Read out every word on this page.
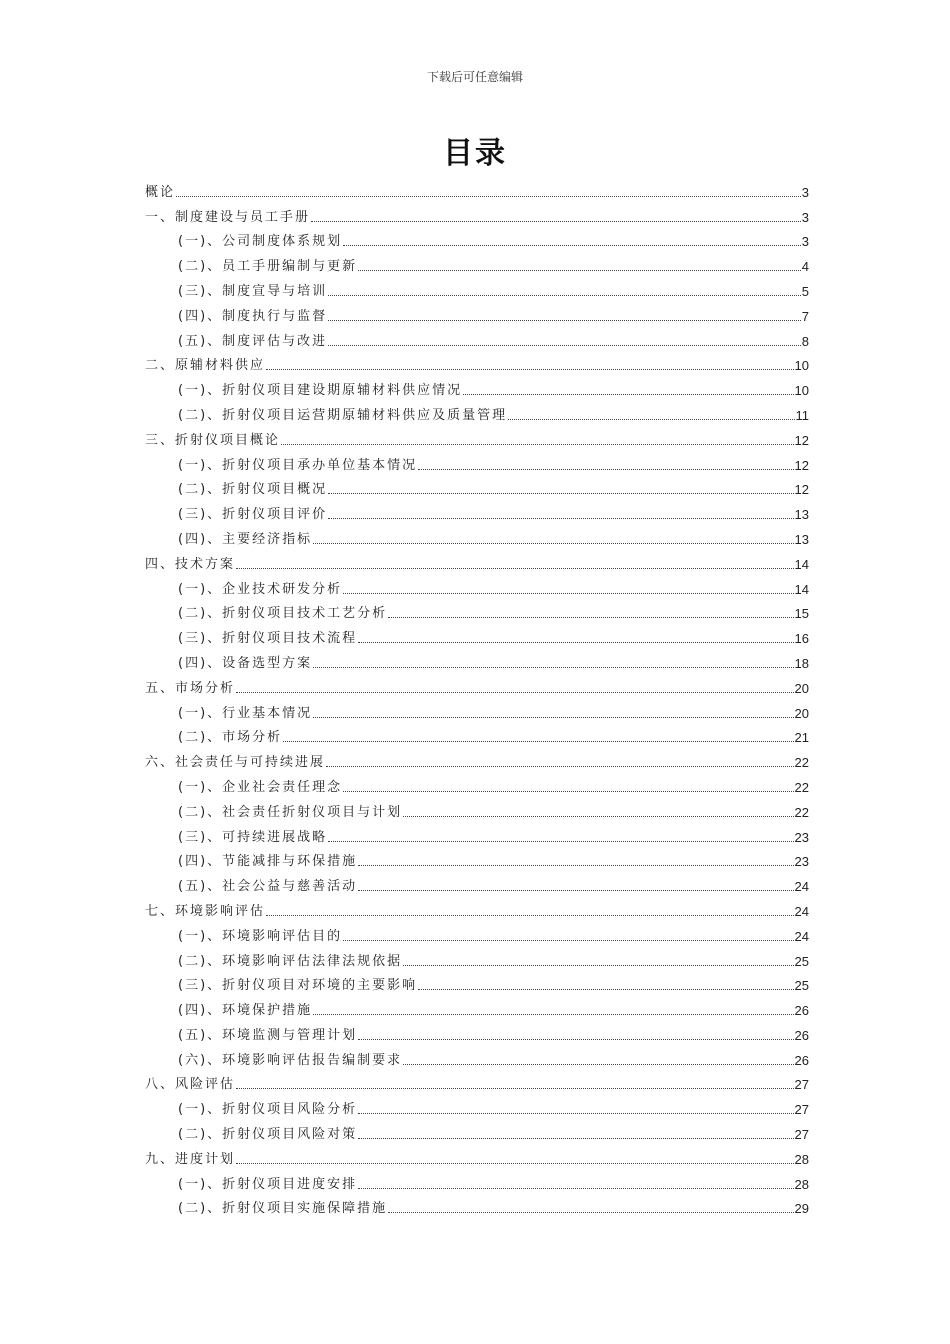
下载后可任意编辑
目录
概论	3
一、制度建设与员工手册	3
(一)、公司制度体系规划	3
(二)、员工手册编制与更新	4
(三)、制度宣导与培训	5
(四)、制度执行与监督	7
(五)、制度评估与改进	8
二、原辅材料供应	10
(一)、折射仪项目建设期原辅材料供应情况	10
(二)、折射仪项目运营期原辅材料供应及质量管理	11
三、折射仪项目概论	12
(一)、折射仪项目承办单位基本情况	12
(二)、折射仪项目概况	12
(三)、折射仪项目评价	13
(四)、主要经济指标	13
四、技术方案	14
(一)、企业技术研发分析	14
(二)、折射仪项目技术工艺分析	15
(三)、折射仪项目技术流程	16
(四)、设备选型方案	18
五、市场分析	20
(一)、行业基本情况	20
(二)、市场分析	21
六、社会责任与可持续进展	22
(一)、企业社会责任理念	22
(二)、社会责任折射仪项目与计划	22
(三)、可持续进展战略	23
(四)、节能减排与环保措施	23
(五)、社会公益与慈善活动	24
七、环境影响评估	24
(一)、环境影响评估目的	24
(二)、环境影响评估法律法规依据	25
(三)、折射仪项目对环境的主要影响	25
(四)、环境保护措施	26
(五)、环境监测与管理计划	26
(六)、环境影响评估报告编制要求	26
八、风险评估	27
(一)、折射仪项目风险分析	27
(二)、折射仪项目风险对策	27
九、进度计划	28
(一)、折射仪项目进度安排	28
(二)、折射仪项目实施保障措施	29
